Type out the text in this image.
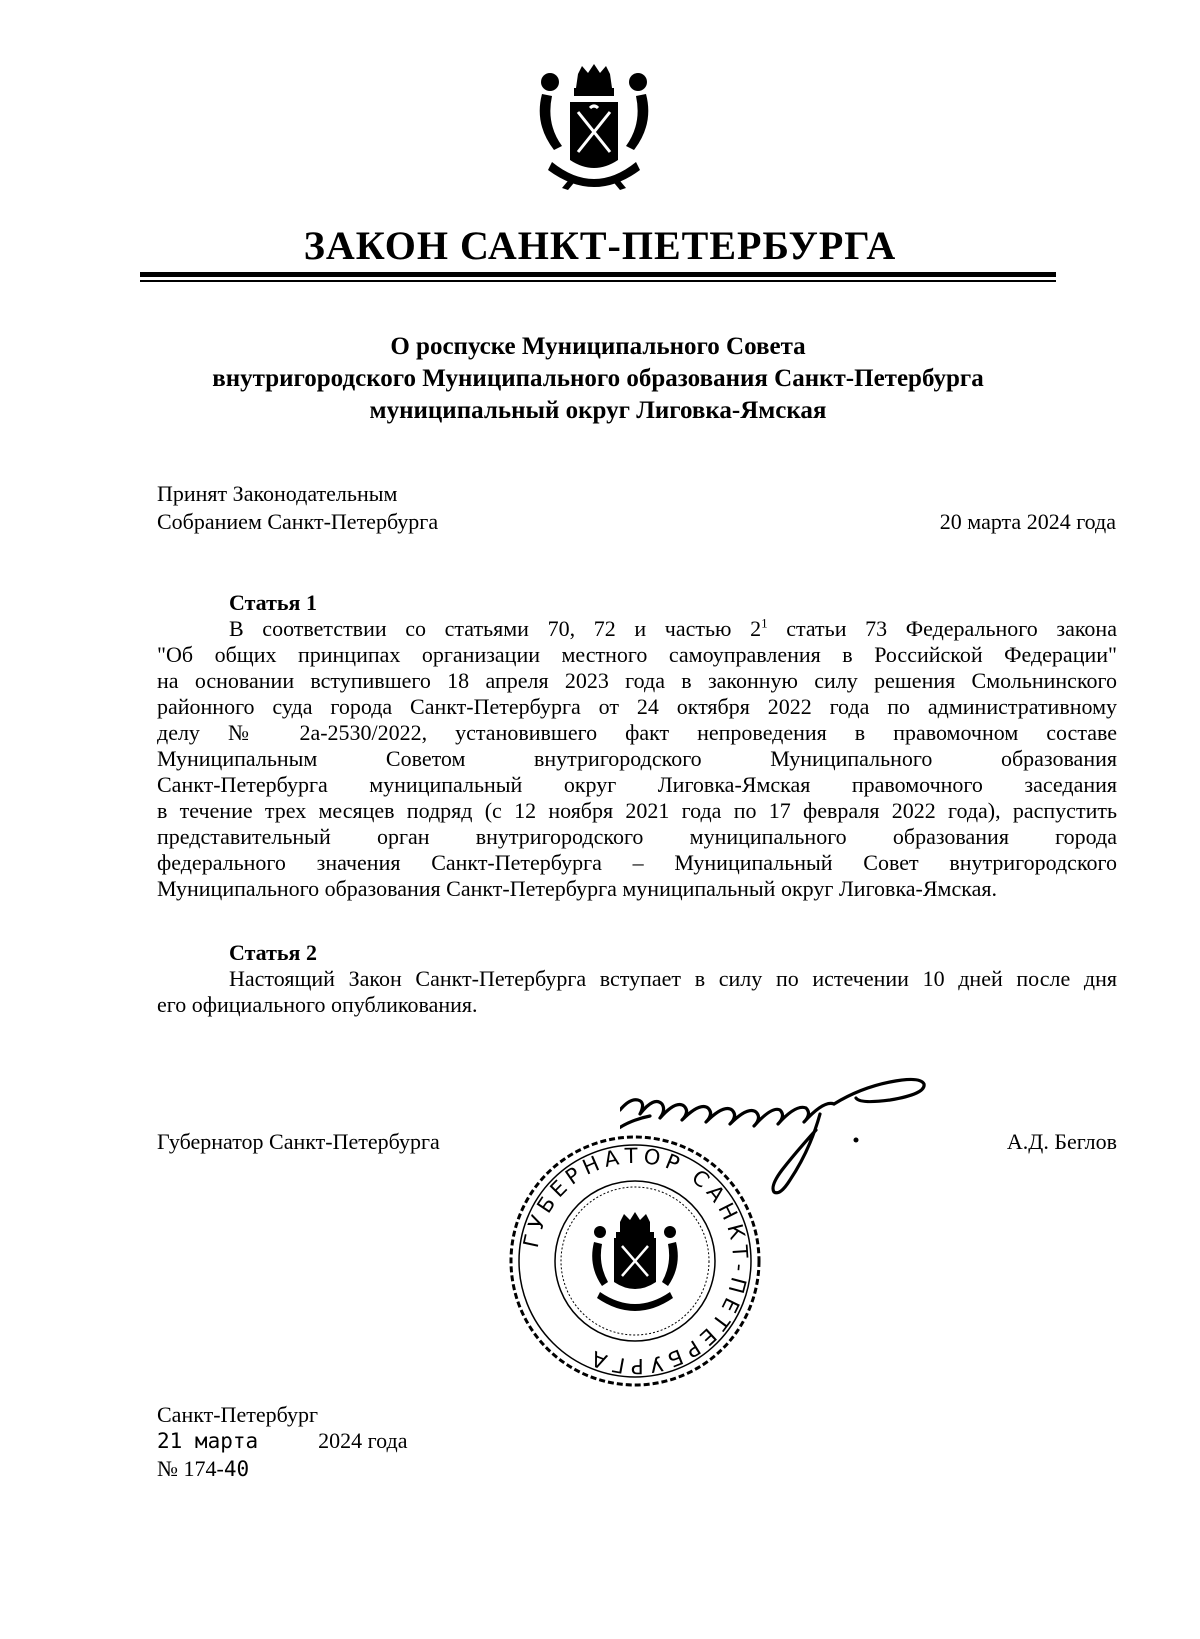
ЗАКОН САНКТ-ПЕТЕРБУРГА
О роспуске Муниципального Совета
внутригородского Муниципального образования Санкт-Петербурга
муниципальный округ Лиговка-Ямская
Принят Законодательным
Собранием Санкт-Петербурга	20 марта 2024 года
Статья 1
В соответствии со статьями 70, 72 и частью $2^1$ статьи 73 Федерального закона
"Об общих принципах организации местного самоуправления в Российской Федерации"
на основании вступившего 18 апреля 2023 года в законную силу решения Смольнинского
районного суда города Санкт-Петербурга от 24 октября 2022 года по административному
делу № 2а-2530/2022, установившего факт непроведения в правомочном составе
Муниципальным Советом внутригородского Муниципального образования
Санкт-Петербурга муниципальный округ Лиговка-Ямская правомочного заседания
в течение трех месяцев подряд (с 12 ноября 2021 года по 17 февраля 2022 года), распустить
представительный орган внутригородского муниципального образования города
федерального значения Санкт-Петербурга – Муниципальный Совет внутригородского
Муниципального образования Санкт-Петербурга муниципальный округ Лиговка-Ямская.
Статья 2
Настоящий Закон Санкт-Петербурга вступает в силу по истечении 10 дней после дня
его официального опубликования.
Губернатор Санкт-Петербурга
ГУБЕРНАТОР САНКТ-ПЕТЕРБУРГА
А.Д. Беглов
Санкт-Петербург
21 марта	2024 года
№ 174-40
